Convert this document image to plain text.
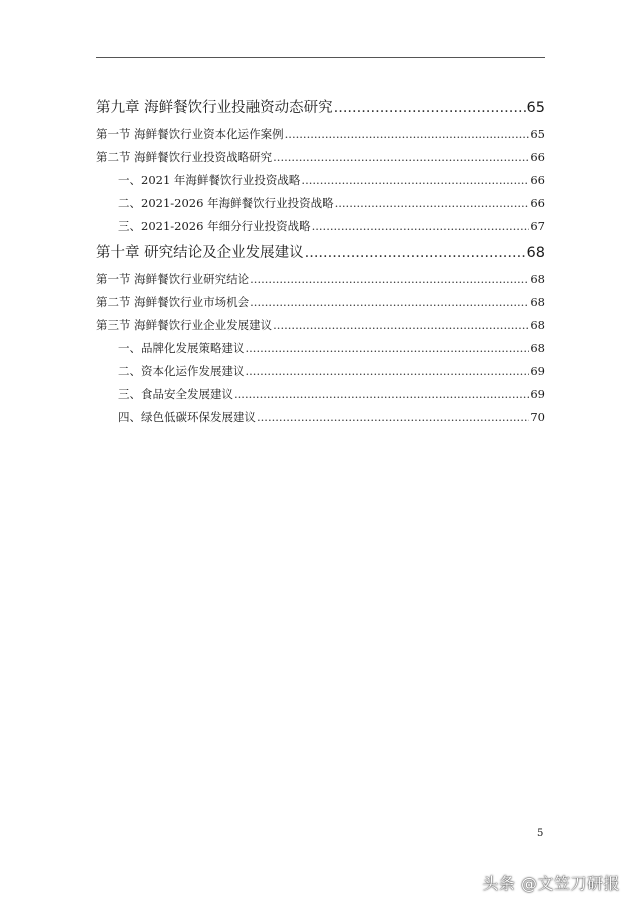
第九章 海鲜餐饮行业投融资动态研究 .....	65
第一节 海鲜餐饮行业资本化运作案例 .....	65
第二节 海鲜餐饮行业投资战略研究 .....	66
一、2021 年海鲜餐饮行业投资战略 .....	66
二、2021-2026 年海鲜餐饮行业投资战略 .....	66
三、2021-2026 年细分行业投资战略 .....	67
第十章 研究结论及企业发展建议 .....	68
第一节 海鲜餐饮行业研究结论 .....	68
第二节 海鲜餐饮行业市场机会 .....	68
第三节 海鲜餐饮行业企业发展建议 .....	68
一、品牌化发展策略建议 .....	68
二、资本化运作发展建议 .....	69
三、食品安全发展建议 .....	69
四、绿色低碳环保发展建议 .....	70
5
头条 @文笠刀研报
